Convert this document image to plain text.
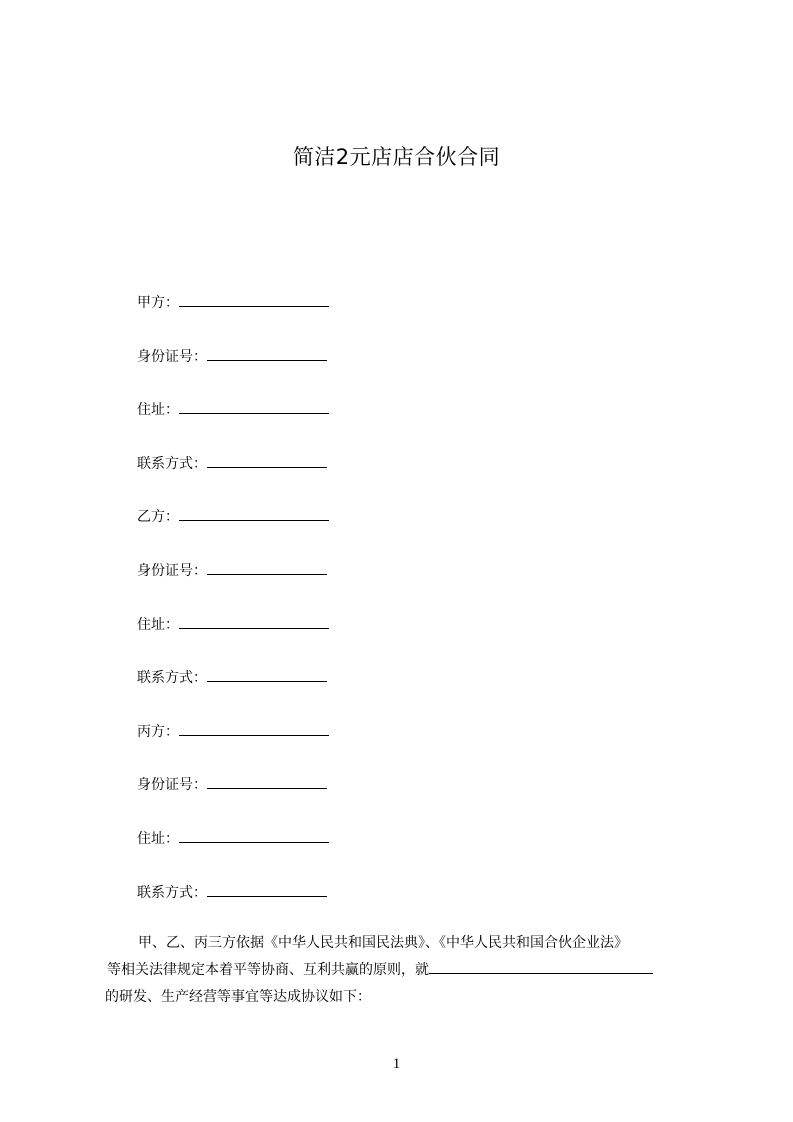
简洁2元店店合伙合同
甲方：
身份证号：
住址：
联系方式：
乙方：
身份证号：
住址：
联系方式：
丙方：
身份证号：
住址：
联系方式：
甲、乙、丙三方依据《中华人民共和国民法典》、《中华人民共和国合伙企业法》
等相关法律规定本着平等协商、互利共赢的原则，就
的研发、生产经营等事宜等达成协议如下：
1
